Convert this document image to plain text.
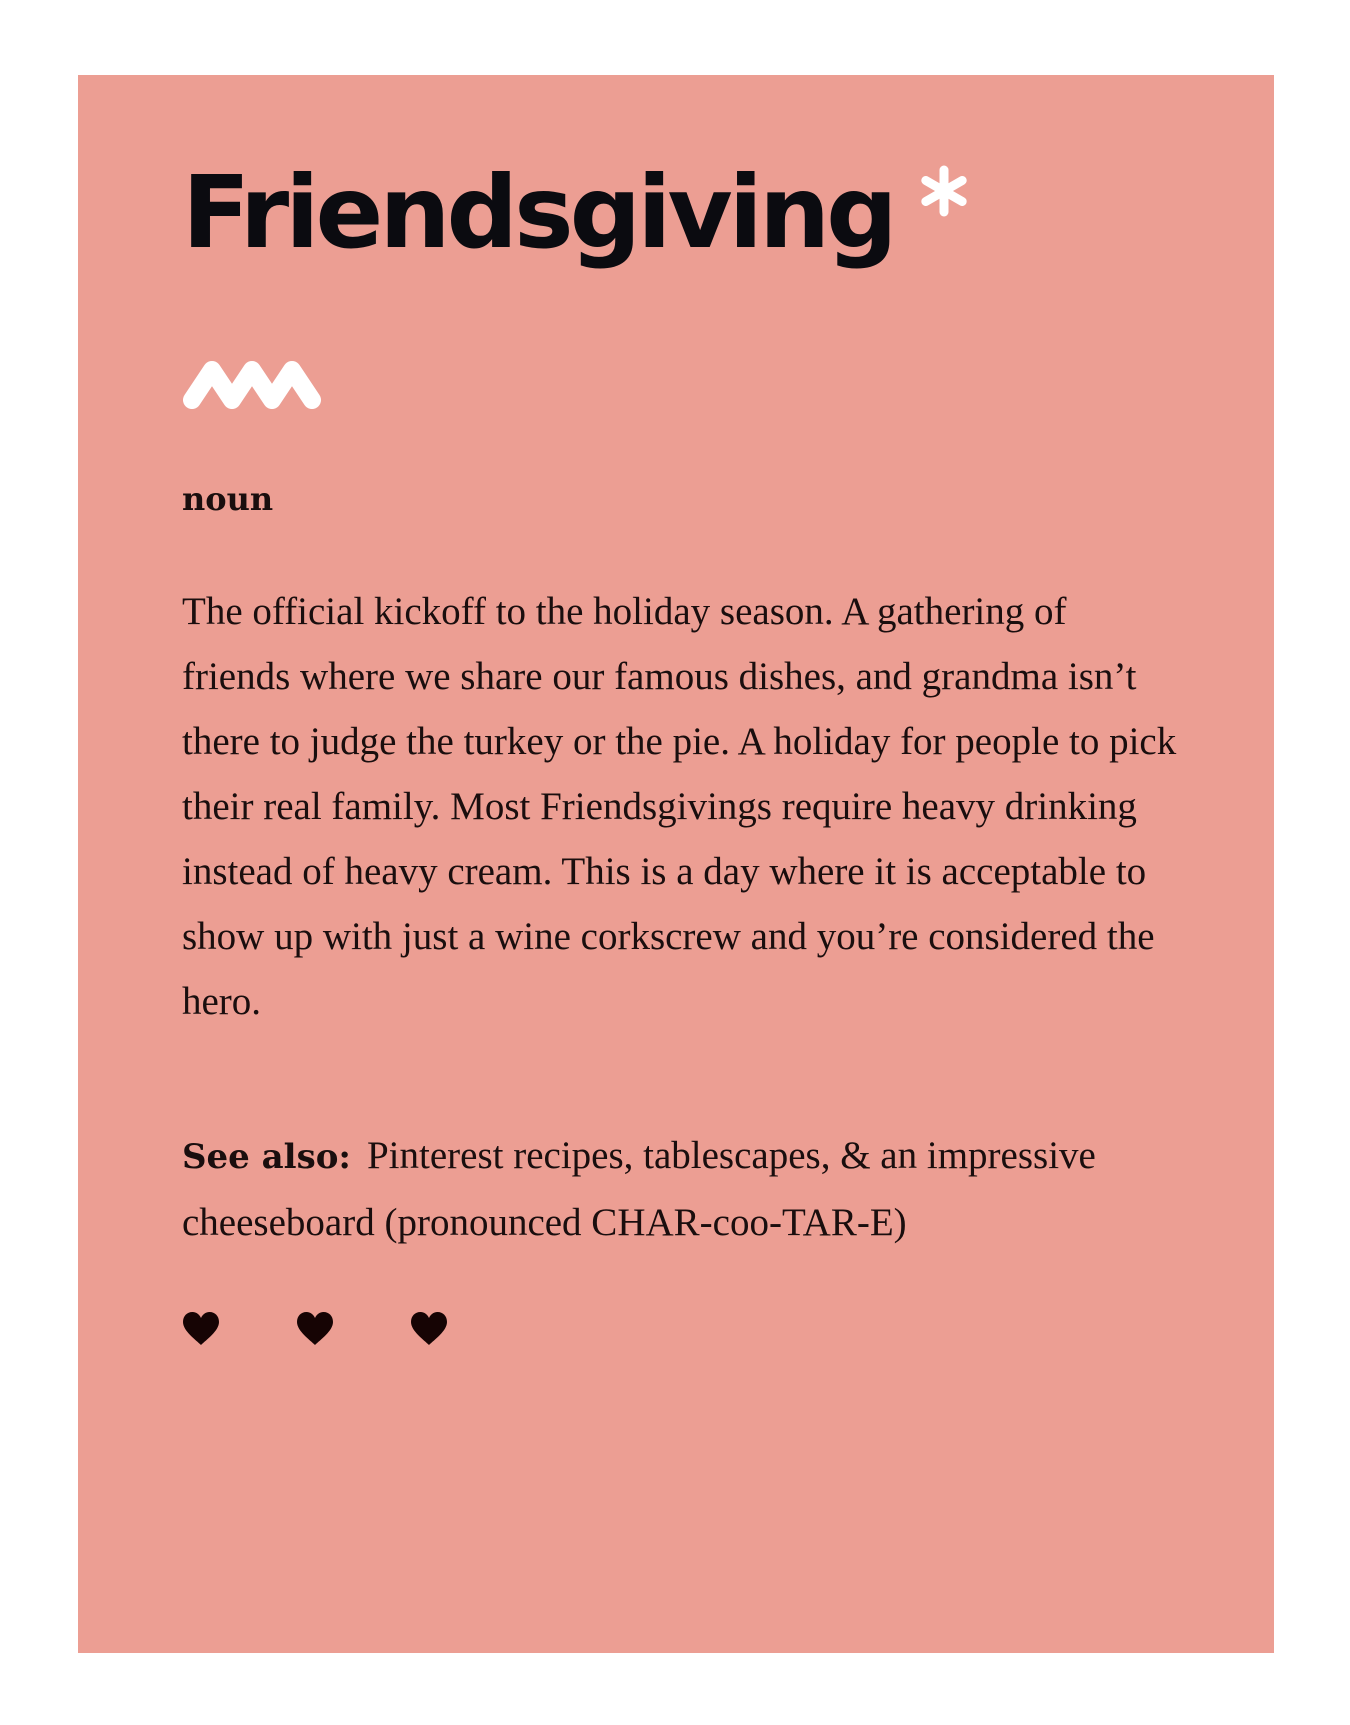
Friendsgiving
noun

The official kickoff to the holiday season. A gathering of friends where we share our famous dishes, and grandma isn’t there to judge the turkey or the pie. A holiday for people to pick their real family. Most Friendsgivings require heavy drinking instead of heavy cream. This is a day where it is acceptable to show up with just a wine corkscrew and you’re considered the hero.

See also: Pinterest recipes, tablescapes, & an impressive cheeseboard (pronounced CHAR-coo-TAR-E)
